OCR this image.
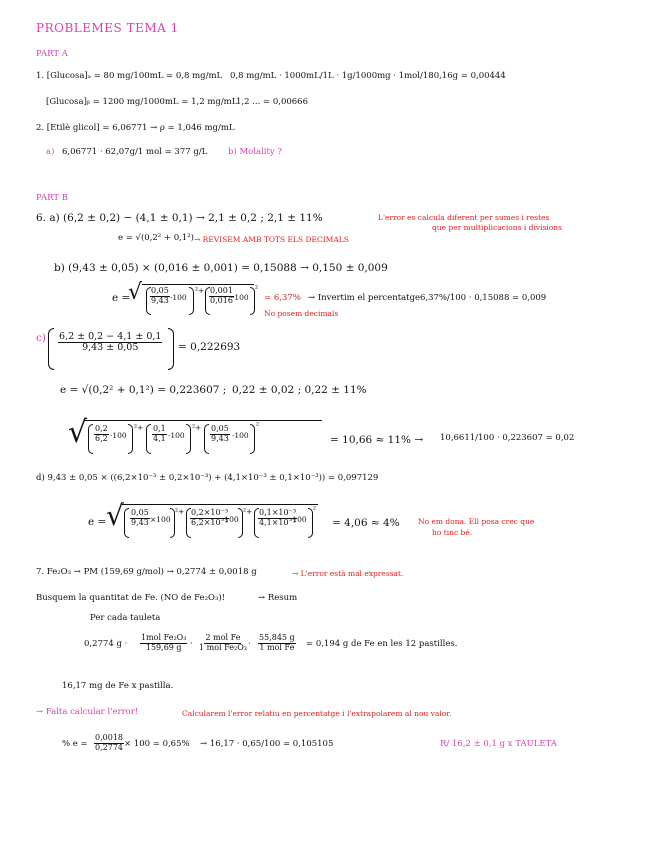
PROBLEMES TEMA 1
PART A
1. [Glucosa]ₐ = 80 mg/100mL = 0,8 mg/mL 0,8 mg/mL · 1000mL/1L · 1g/1000mg · 1mol/180,16g = 0,00444
[Glucosa]ᵦ = 1200 mg/1000mL = 1,2 mg/mL
1,2 ... = 0,00666
2. [Etilè glicol] = 6,06771 → ρ = 1,046 mg/mL
a) 6,06771 · 62,07g/1 mol = 377 g/L b) Molality ?
PART B
6. a) (6,2 ± 0,2) − (4,1 ± 0,1) → 2,1 ± 0,2 ; 2,1 ± 11%	L'error es calcula diferent per sumes i restes
que per multiplicacions i divisions
e = √(0,2² + 0,1²) → REVISEM AMB TOTS ELS DECIMALS
b) (9,43 ± 0,05) × (0,016 ± 0,001) = 0,15088 → 0,150 ± 0,009
e =
√ $\frac{0,05}{9,43} \cdot 100$
$^2+ \frac{0,001}{0,016}$
·100
²
= 6,37%
No posem decimals
→ Invertim el percentatge 6,37%/100 · 0,15088 = 0,009
$c) \frac{6,2 \pm 0,2 - 4,1 \pm 0,1}{9,43 \pm 0,05} = 0,222693$
e = √(0,2² + 0,1²) = 0,223607 ; 0,22 ± 0,02 ; 0,22 ± 11%
√ $\frac{0,2}{6,2} \cdot 100$
$^2+ \frac{0,1}{4,1} \cdot 100$
$^2+ \frac{0,05}{9,43} \cdot 100$
²
= 10,66 ≈ 11% → 10,6611/100 · 0,223607 = 0,02
d) 9,43 ± 0,05 × ((6,2×10⁻³ ± 0,2×10⁻³) + (4,1×10⁻³ ± 0,1×10⁻³)) = 0,097129
e = √ $\frac{0,05}{9,43} \times 100$
$^2+ \frac{\text{0,2×10⁻³}}{\text{6,2×10⁻³}}$
·100
$^2+ \frac{\text{0,1×10⁻³}}{\text{4,1×10⁻³}}$
·100
²
= 4,06 ≈ 4% No em dona. Ell posa crec que
ho tinc bé.
7. Fe₂O₃ → PM (159,69 g/mol) → 0,2774 ± 0,0018 g	→ L'error està mal expressat.
Busquem la quantitat de Fe. (NO de Fe₂O₃)!	→ Resum
Per cada tauleta
0,2774 g ·
1mol Fe₂O₃
159,69 g ·
2 mol Fe
1 mol Fe₂O₃ ·
55,845 g
1 mol Fe = 0,194 g de Fe en les 12 pastilles.
16,17 mg de Fe x pastilla.
→ Falta calcular l'error!	Calcularem l'error relatiu en percentatge i l'extrapolarem al nou valor.
% $e = \frac{0,0018}{0,2774} \times 100 = 0,65\% \to 16,17 \cdot 0,65/100 = 0,105105$	R/ 16,2 ± 0,1 g x TAULETA
